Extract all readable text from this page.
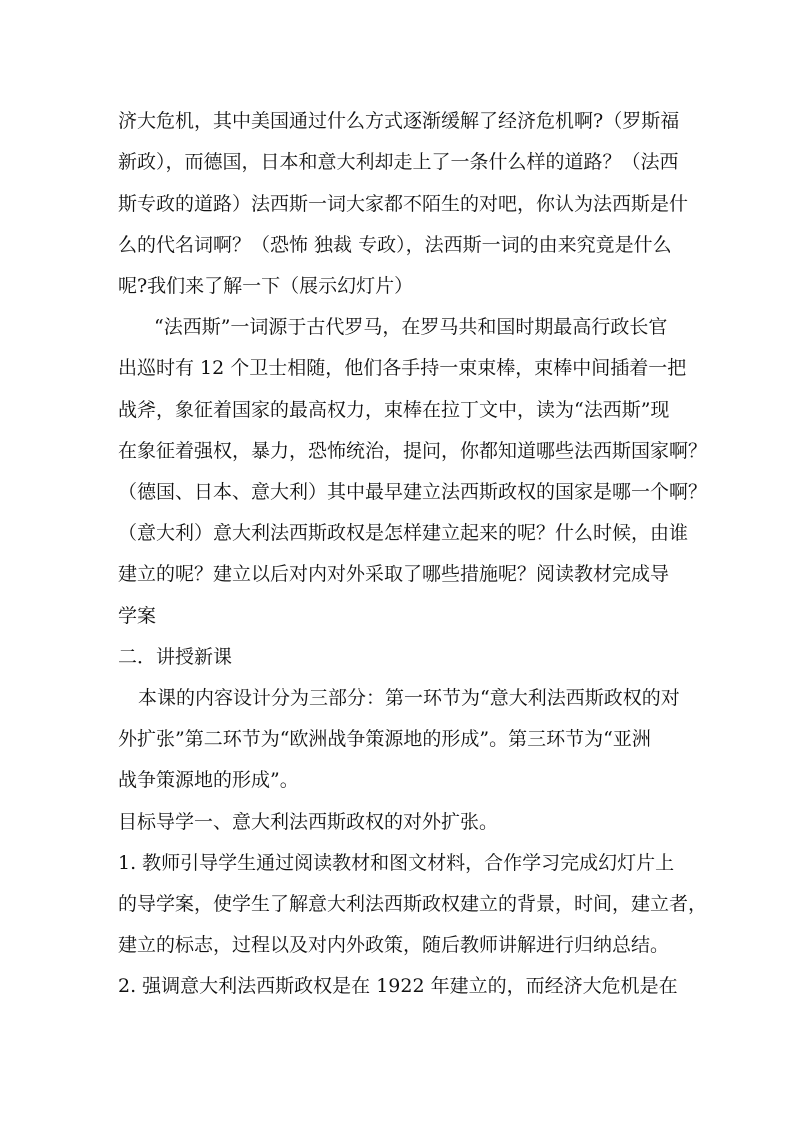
济大危机，其中美国通过什么方式逐渐缓解了经济危机啊?（罗斯福
新政），而德国，日本和意大利却走上了一条什么样的道路？（法西
斯专政的道路）法西斯一词大家都不陌生的对吧，你认为法西斯是什
么的代名词啊？（恐怖 独裁 专政），法西斯一词的由来究竟是什么
呢?我们来了解一下（展示幻灯片）
“法西斯”一词源于古代罗马，在罗马共和国时期最高行政长官
出巡时有 12 个卫士相随，他们各手持一束束棒，束棒中间插着一把
战斧，象征着国家的最高权力，束棒在拉丁文中，读为“法西斯”现
在象征着强权，暴力，恐怖统治，提问，你都知道哪些法西斯国家啊？
（德国、日本、意大利）其中最早建立法西斯政权的国家是哪一个啊？
（意大利）意大利法西斯政权是怎样建立起来的呢？什么时候，由谁
建立的呢？建立以后对内对外采取了哪些措施呢？阅读教材完成导
学案
二．讲授新课
本课的内容设计分为三部分：第一环节为“意大利法西斯政权的对
外扩张”第二环节为“欧洲战争策源地的形成”。第三环节为“亚洲
战争策源地的形成”。
目标导学一、意大利法西斯政权的对外扩张。
1. 教师引导学生通过阅读教材和图文材料，合作学习完成幻灯片上
的导学案，使学生了解意大利法西斯政权建立的背景，时间，建立者，
建立的标志，过程以及对内外政策，随后教师讲解进行归纳总结。
2. 强调意大利法西斯政权是在 1922 年建立的，而经济大危机是在
